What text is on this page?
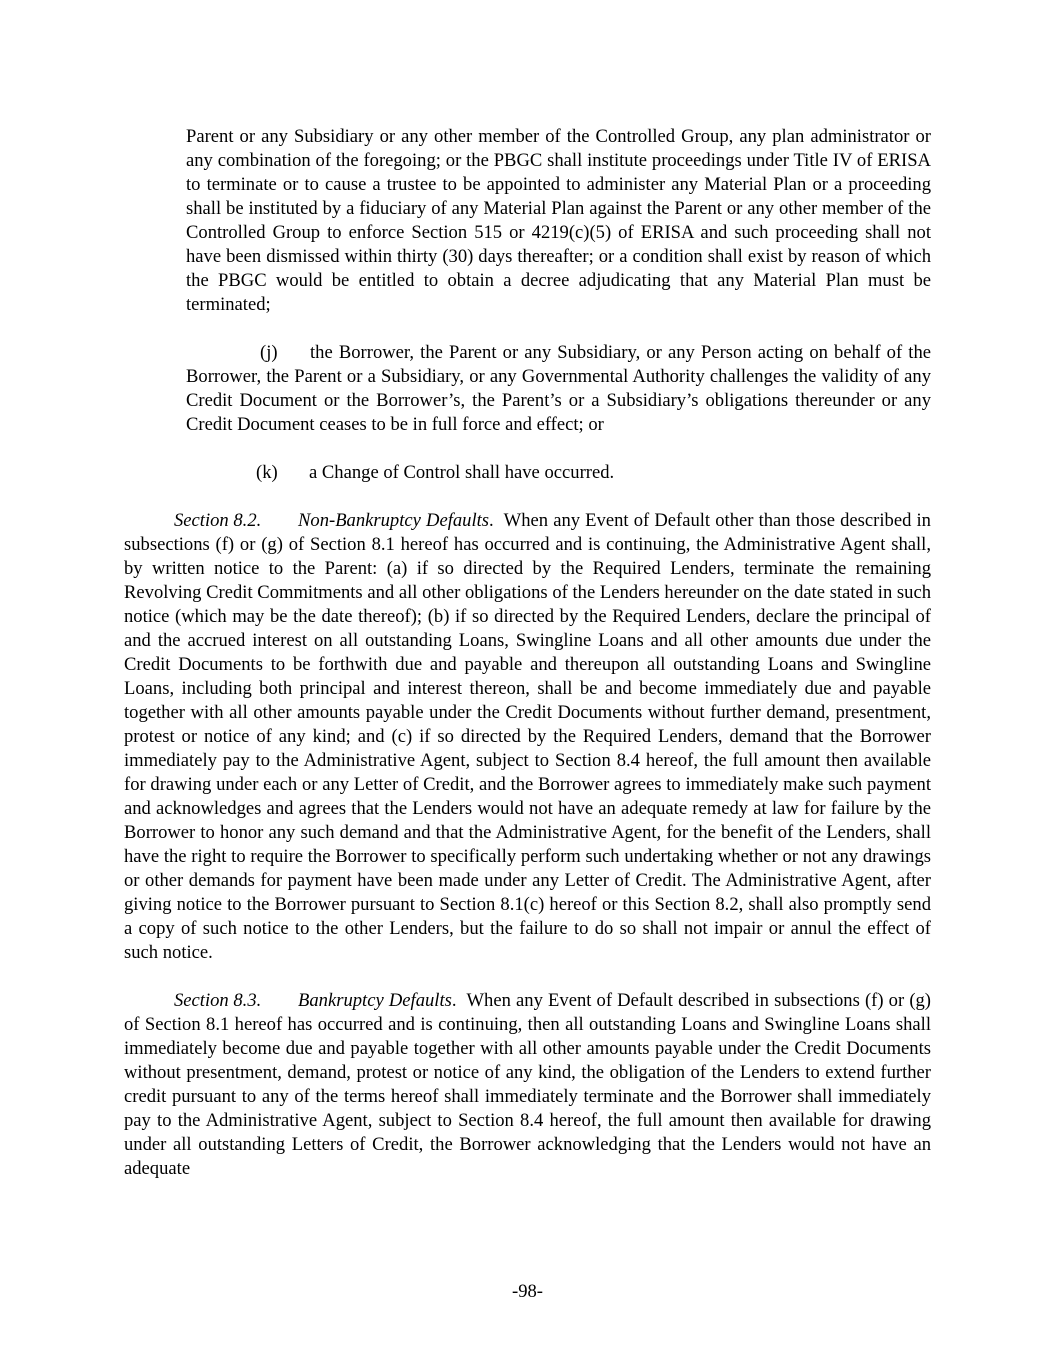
Parent or any Subsidiary or any other member of the Controlled Group, any plan administrator or any combination of the foregoing; or the PBGC shall institute proceedings under Title IV of ERISA to terminate or to cause a trustee to be appointed to administer any Material Plan or a proceeding shall be instituted by a fiduciary of any Material Plan against the Parent or any other member of the Controlled Group to enforce Section 515 or 4219(c)(5) of ERISA and such proceeding shall not have been dismissed within thirty (30) days thereafter; or a condition shall exist by reason of which the PBGC would be entitled to obtain a decree adjudicating that any Material Plan must be terminated;

(j) the Borrower, the Parent or any Subsidiary, or any Person acting on behalf of the Borrower, the Parent or a Subsidiary, or any Governmental Authority challenges the validity of any Credit Document or the Borrower’s, the Parent’s or a Subsidiary’s obligations thereunder or any Credit Document ceases to be in full force and effect; or

(k) a Change of Control shall have occurred.

Section 8.2. Non-Bankruptcy Defaults. When any Event of Default other than those described in subsections (f) or (g) of Section 8.1 hereof has occurred and is continuing, the Administrative Agent shall, by written notice to the Parent: (a) if so directed by the Required Lenders, terminate the remaining Revolving Credit Commitments and all other obligations of the Lenders hereunder on the date stated in such notice (which may be the date thereof); (b) if so directed by the Required Lenders, declare the principal of and the accrued interest on all outstanding Loans, Swingline Loans and all other amounts due under the Credit Documents to be forthwith due and payable and thereupon all outstanding Loans and Swingline Loans, including both principal and interest thereon, shall be and become immediately due and payable together with all other amounts payable under the Credit Documents without further demand, presentment, protest or notice of any kind; and (c) if so directed by the Required Lenders, demand that the Borrower immediately pay to the Administrative Agent, subject to Section 8.4 hereof, the full amount then available for drawing under each or any Letter of Credit, and the Borrower agrees to immediately make such payment and acknowledges and agrees that the Lenders would not have an adequate remedy at law for failure by the Borrower to honor any such demand and that the Administrative Agent, for the benefit of the Lenders, shall have the right to require the Borrower to specifically perform such undertaking whether or not any drawings or other demands for payment have been made under any Letter of Credit. The Administrative Agent, after giving notice to the Borrower pursuant to Section 8.1(c) hereof or this Section 8.2, shall also promptly send a copy of such notice to the other Lenders, but the failure to do so shall not impair or annul the effect of such notice.

Section 8.3. Bankruptcy Defaults. When any Event of Default described in subsections (f) or (g) of Section 8.1 hereof has occurred and is continuing, then all outstanding Loans and Swingline Loans shall immediately become due and payable together with all other amounts payable under the Credit Documents without presentment, demand, protest or notice of any kind, the obligation of the Lenders to extend further credit pursuant to any of the terms hereof shall immediately terminate and the Borrower shall immediately pay to the Administrative Agent, subject to Section 8.4 hereof, the full amount then available for drawing under all outstanding Letters of Credit, the Borrower acknowledging that the Lenders would not have an adequate

-98-
